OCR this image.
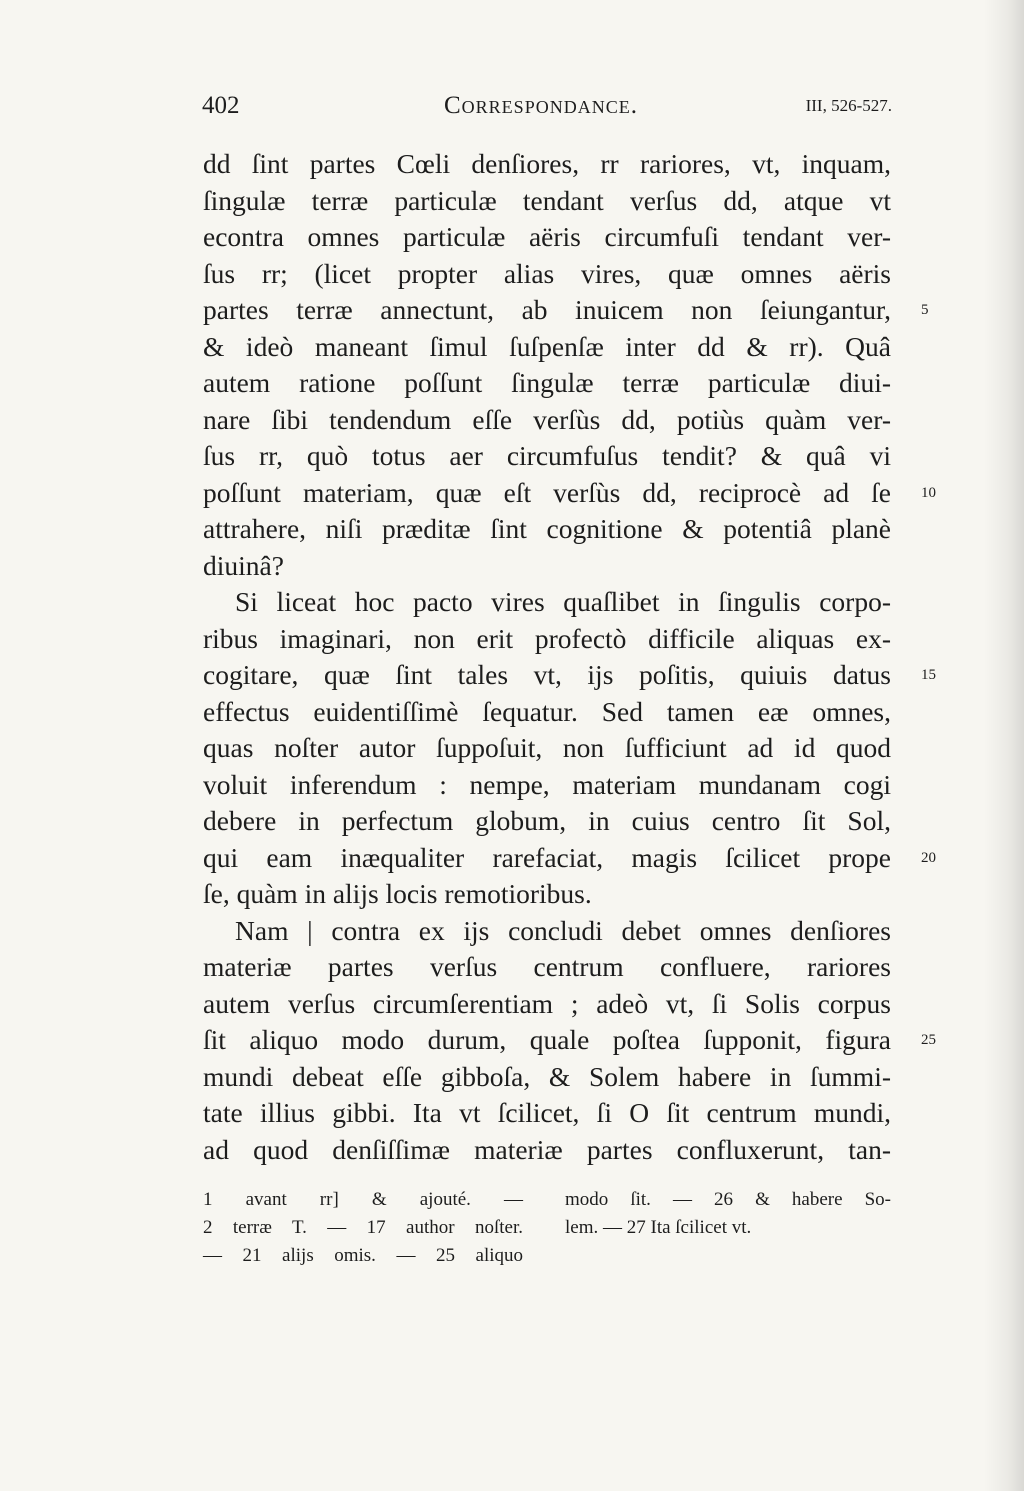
402	Correspondance.	III, 526-527.
dd ſint partes Cœli denſiores, rr rariores, vt, inquam,
ſingulæ terræ particulæ tendant verſus dd, atque vt
econtra omnes particulæ aëris circumfuſi tendant ver-
ſus rr; (licet propter alias vires, quæ omnes aëris
partes terræ annectunt, ab inuicem non ſeiungantur,
& ideò maneant ſimul ſuſpenſæ inter dd & rr). Quâ
autem ratione poſſunt ſingulæ terræ particulæ diui-
nare ſibi tendendum eſſe verſùs dd, potiùs quàm ver-
ſus rr, quò totus aer circumfuſus tendit? & quâ vi
poſſunt materiam, quæ eſt verſùs dd, reciprocè ad ſe
attrahere, niſi præditæ ſint cognitione & potentiâ planè
diuinâ?
Si liceat hoc pacto vires quaſlibet in ſingulis corpo-
ribus imaginari, non erit profectò difficile aliquas ex-
cogitare, quæ ſint tales vt, ijs poſitis, quiuis datus
effectus euidentiſſimè ſequatur. Sed tamen eæ omnes,
quas noſter autor ſuppoſuit, non ſufficiunt ad id quod
voluit inferendum : nempe, materiam mundanam cogi
debere in perfectum globum, in cuius centro ſit Sol,
qui eam inæqualiter rarefaciat, magis ſcilicet prope
ſe, quàm in alijs locis remotioribus.
Nam | contra ex ijs concludi debet omnes denſiores
materiæ partes verſus centrum confluere, rariores
autem verſus circumſerentiam ; adeò vt, ſi Solis corpus
ſit aliquo modo durum, quale poſtea ſupponit, figura
mundi debeat eſſe gibboſa, & Solem habere in ſummi-
tate illius gibbi. Ita vt ſcilicet, ſi O ſit centrum mundi,
ad quod denſiſſimæ materiæ partes confluxerunt, tan-
5
10
15
20
25
1 avant rr] & ajouté. —
2 terræ T. — 17 author noſter.
— 21 alijs omis. — 25 aliquo
modo ſit. — 26 & habere So-
lem. — 27 Ita ſcilicet vt.
